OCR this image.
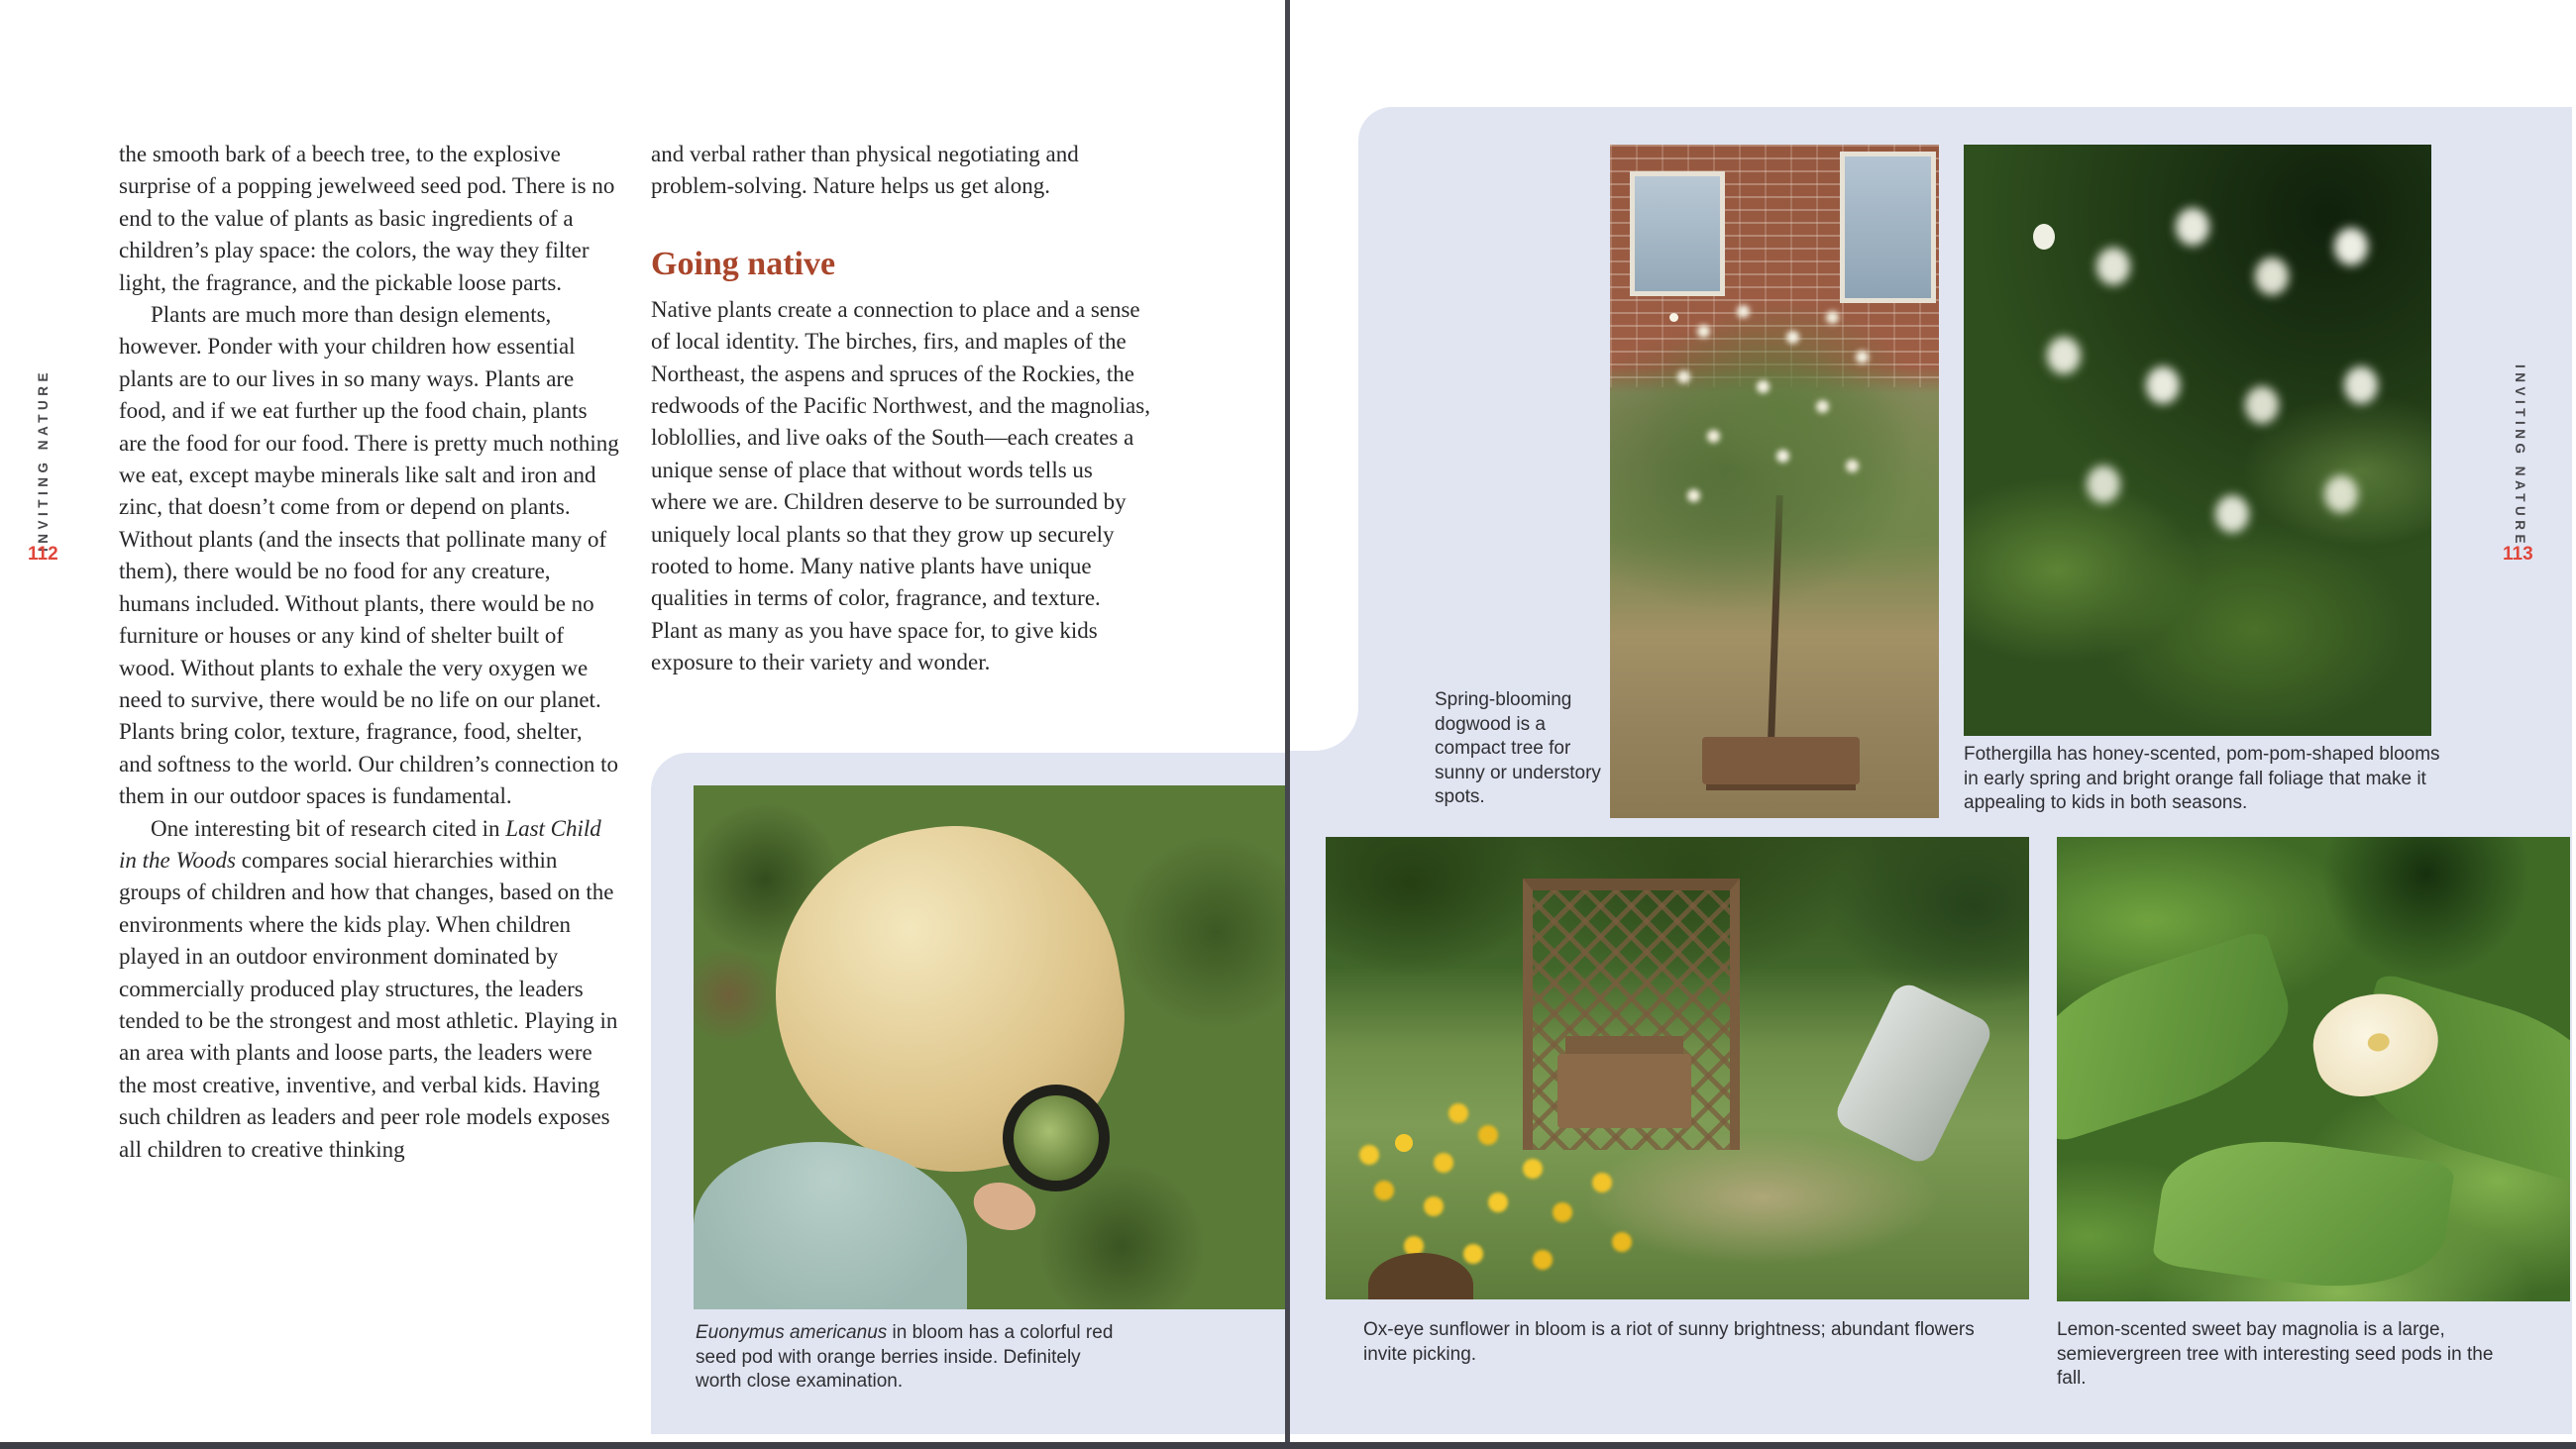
the smooth bark of a beech tree, to the explosive surprise of a popping jewelweed seed pod. There is no end to the value of plants as basic ingredients of a children’s play space: the colors, the way they filter light, the fragrance, and the pickable loose parts.

Plants are much more than design elements, however. Ponder with your children how essential plants are to our lives in so many ways. Plants are food, and if we eat further up the food chain, plants are the food for our food. There is pretty much nothing we eat, except maybe minerals like salt and iron and zinc, that doesn’t come from or depend on plants. Without plants (and the insects that pollinate many of them), there would be no food for any creature, humans included. Without plants, there would be no furniture or houses or any kind of shelter built of wood. Without plants to exhale the very oxygen we need to survive, there would be no life on our planet. Plants bring color, texture, fragrance, food, shelter, and softness to the world. Our children’s connection to them in our outdoor spaces is fundamental.

One interesting bit of research cited in Last Child in the Woods compares social hierarchies within groups of children and how that changes, based on the environments where the kids play. When children played in an outdoor environment dominated by commercially produced play structures, the leaders tended to be the strongest and most athletic. Playing in an area with plants and loose parts, the leaders were the most creative, inventive, and verbal kids. Having such children as leaders and peer role models exposes all children to creative thinking

and verbal rather than physical negotiating and problem-solving. Nature helps us get along.

Going native

Native plants create a connection to place and a sense of local identity. The birches, firs, and maples of the Northeast, the aspens and spruces of the Rockies, the redwoods of the Pacific Northwest, and the magnolias, loblollies, and live oaks of the South—each creates a unique sense of place that without words tells us where we are. Children deserve to be surrounded by uniquely local plants so that they grow up securely rooted to home. Many native plants have unique qualities in terms of color, fragrance, and texture. Plant as many as you have space for, to give kids exposure to their variety and wonder.

Spring-blooming dogwood is a compact tree for sunny or understory spots.
Fothergilla has honey-scented, pom-pom-shaped blooms in early spring and bright orange fall foliage that make it appealing to kids in both seasons.
Euonymus americanus in bloom has a colorful red seed pod with orange berries inside. Definitely worth close examination.
Ox-eye sunflower in bloom is a riot of sunny brightness; abundant flowers invite picking.
Lemon-scented sweet bay magnolia is a large, semievergreen tree with interesting seed pods in the fall.
INVITING NATURE	INVITING NATURE
112	113
